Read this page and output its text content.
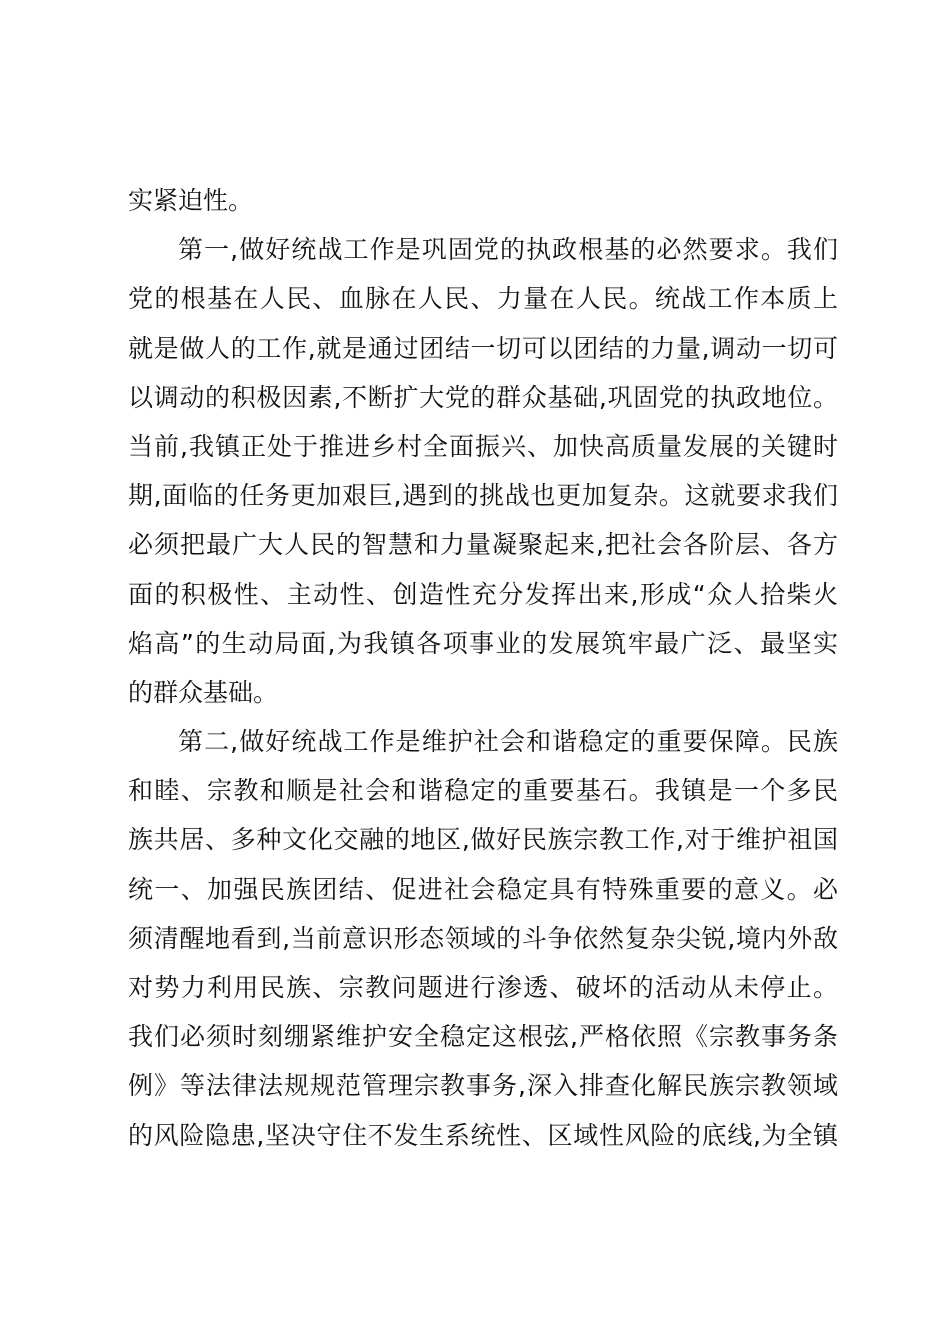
实紧迫性。
第一,做好统战工作是巩固党的执政根基的必然要求。我们
党的根基在人民、血脉在人民、力量在人民。统战工作本质上
就是做人的工作,就是通过团结一切可以团结的力量,调动一切可
以调动的积极因素,不断扩大党的群众基础,巩固党的执政地位。
当前,我镇正处于推进乡村全面振兴、加快高质量发展的关键时
期,面临的任务更加艰巨,遇到的挑战也更加复杂。这就要求我们
必须把最广大人民的智慧和力量凝聚起来,把社会各阶层、各方
面的积极性、主动性、创造性充分发挥出来,形成“众人拾柴火
焰高”的生动局面,为我镇各项事业的发展筑牢最广泛、最坚实
的群众基础。
第二,做好统战工作是维护社会和谐稳定的重要保障。民族
和睦、宗教和顺是社会和谐稳定的重要基石。我镇是一个多民
族共居、多种文化交融的地区,做好民族宗教工作,对于维护祖国
统一、加强民族团结、促进社会稳定具有特殊重要的意义。必
须清醒地看到,当前意识形态领域的斗争依然复杂尖锐,境内外敌
对势力利用民族、宗教问题进行渗透、破坏的活动从未停止。
我们必须时刻绷紧维护安全稳定这根弦,严格依照《宗教事务条
例》等法律法规规范管理宗教事务,深入排查化解民族宗教领域
的风险隐患,坚决守住不发生系统性、区域性风险的底线,为全镇
